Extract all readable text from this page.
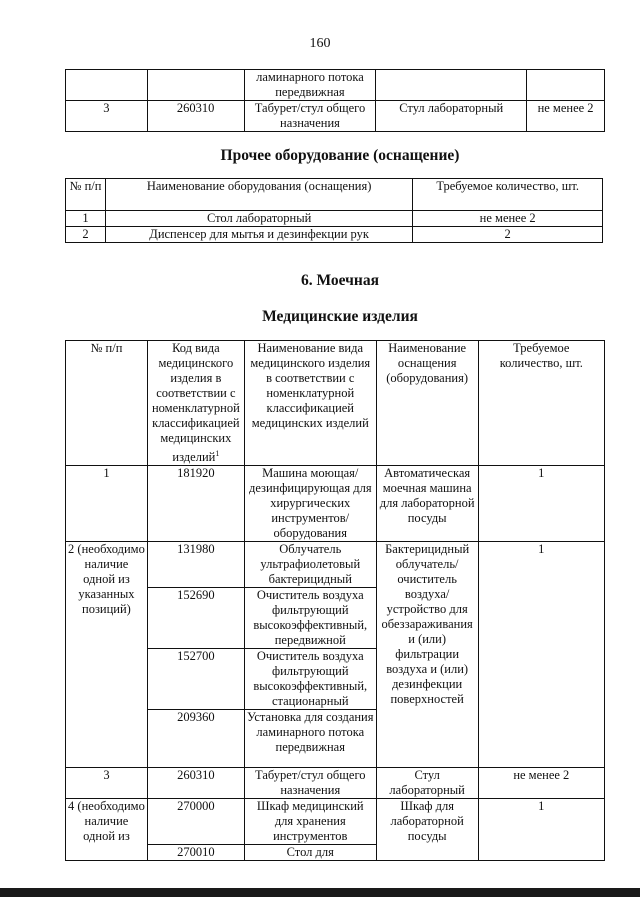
160
		ламинарного потока передвижная		
3	260310	Табурет/стул общего назначения	Стул лабораторный	не менее 2
Прочее оборудование (оснащение)
№ п/п	Наименование оборудования (оснащения)	Требуемое количество, шт.
1	Стол лабораторный	не менее 2
2	Диспенсер для мытья и дезинфекции рук	2
6. Моечная
Медицинские изделия
№ п/п	Код вида медицинского изделия в соответствии с номенклатурной классификацией медицинских изделий$^1$	Наименование вида медицинского изделия в соответствии с номенклатурной классификацией медицинских изделий	Наименование оснащения (оборудования)	Требуемое количество, шт.
1	181920	Машина моющая/ дезинфицирующая для хирургических инструментов/ оборудования	Автоматическая моечная машина для лабораторной посуды	1
2 (необходимо наличие одной из указанных позиций)	131980	Облучатель ультрафиолетовый бактерицидный	Бактерицидный облучатель/ очиститель воздуха/ устройство для обеззараживания и (или) фильтрации воздуха и (или) дезинфекции поверхностей	1
	152690	Очиститель воздуха фильтрующий высокоэффективный, передвижной		
	152700	Очиститель воздуха фильтрующий высокоэффективный, стационарный		
	209360	Установка для создания ламинарного потока передвижная		
3	260310	Табурет/стул общего назначения	Стул лабораторный	не менее 2
4 (необходимо наличие одной из	270000	Шкаф медицинский для хранения инструментов	Шкаф для лабораторной посуды	1
	270010	Стол для		
